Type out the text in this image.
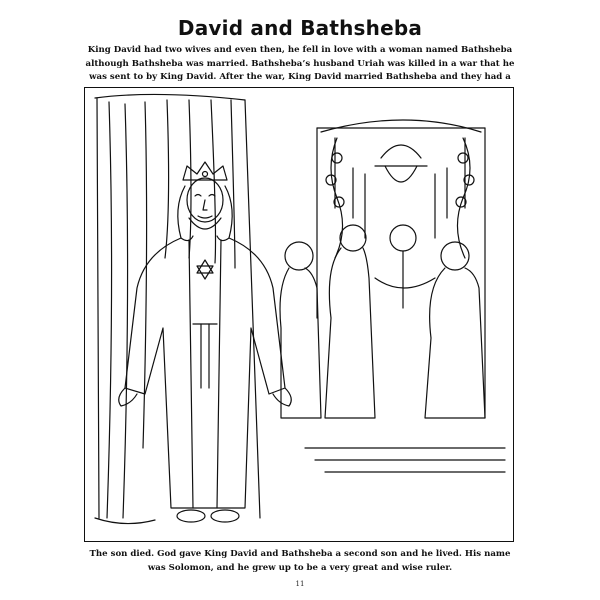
David and Bathsheba
King David had two wives and even then, he fell in love with a woman named Bathsheba although Bathsheba was married. Bathsheba’s husband Uriah was killed in a war that he was sent to by King David. After the war, King David married Bathsheba and they had a
The son died. God gave King David and Bathsheba a second son and he lived. His name was Solomon, and he grew up to be a very great and wise ruler.
11
